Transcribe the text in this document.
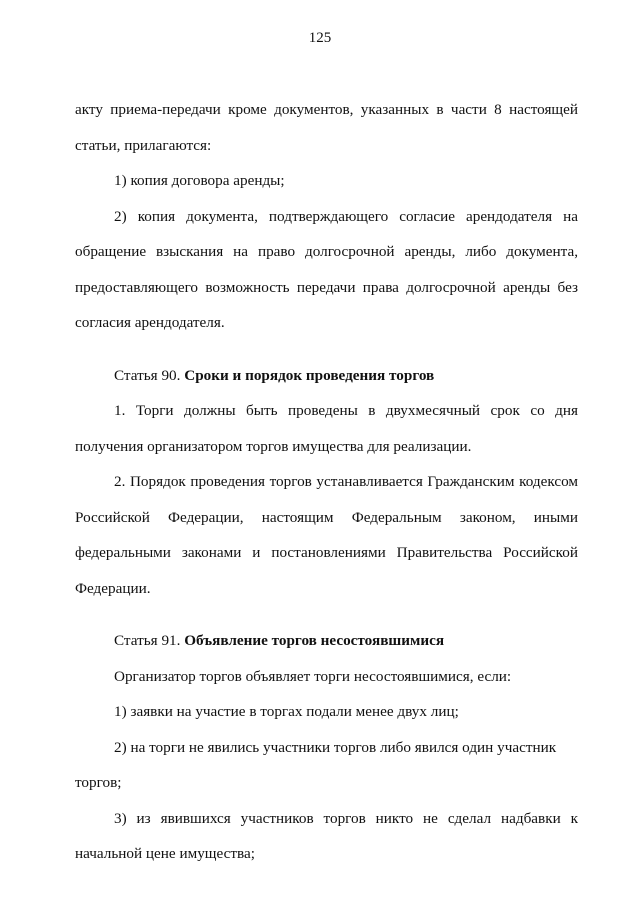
125

акту приема-передачи кроме документов, указанных в части 8 настоящей статьи, прилагаются:

1) копия договора аренды;

2) копия документа, подтверждающего согласие арендодателя на обращение взыскания на право долгосрочной аренды, либо документа, предоставляющего возможность передачи права долгосрочной аренды без согласия арендодателя.

Статья 90. Сроки и порядок проведения торгов

1. Торги должны быть проведены в двухмесячный срок со дня получения организатором торгов имущества для реализации.

2. Порядок проведения торгов устанавливается Гражданским кодексом Российской Федерации, настоящим Федеральным законом, иными федеральными законами и постановлениями Правительства Российской Федерации.

Статья 91. Объявление торгов несостоявшимися

Организатор торгов объявляет торги несостоявшимися, если:

1) заявки на участие в торгах подали менее двух лиц;

2) на торги не явились участники торгов либо явился один участник торгов;

3) из явившихся участников торгов никто не сделал надбавки к начальной цене имущества;
